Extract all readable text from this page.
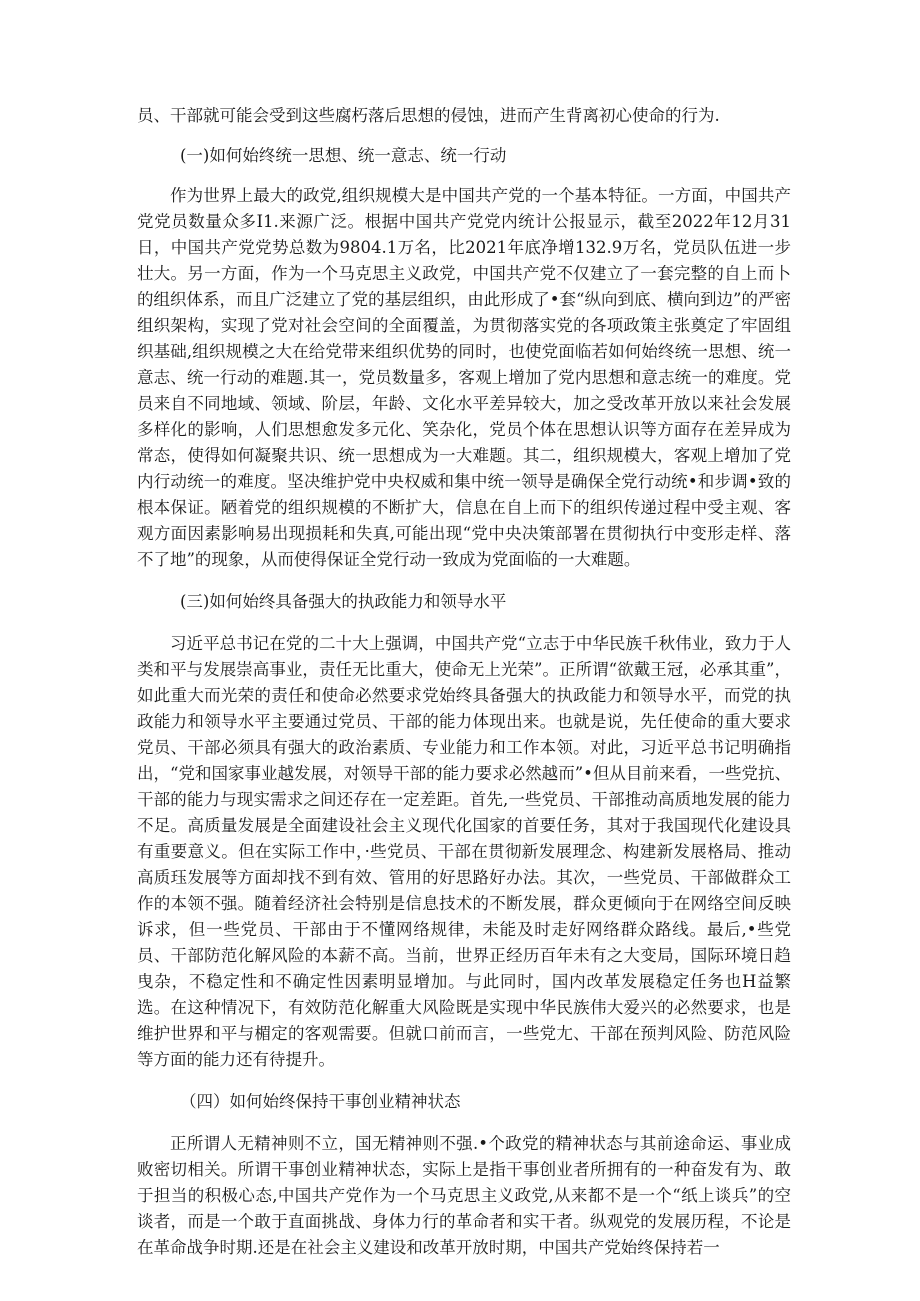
员、干部就可能会受到这些腐朽落后思想的侵蚀，进而产生背离初心使命的行为.

(一)如何始终统一思想、统一意志、统一行动

作为世界上最大的政党,组织规模大是中国共产党的一个基本特征。一方面，中国共产党党员数量众多I1.来源广泛。根据中国共产党党内统计公报显示，截至2022年12月31日，中国共产党党势总数为9804.1万名，比2021年底净增132.9万名，党员队伍进一步壮大。另一方面，作为一个马克思主义政党，中国共产党不仅建立了一套完整的自上而卜的组织体系，而且广泛建立了党的基层组织，由此形成了•套“纵向到底、横向到边”的严密组织架构，实现了党对社会空间的全面覆盖，为贯彻落实党的各项政策主张奠定了牢固组织基础,组织规模之大在给党带来组织优势的同时，也使党面临若如何始终统一思想、统一意志、统一行动的难题.其一，党员数量多，客观上增加了党内思想和意志统一的难度。党员来自不同地域、领域、阶层，年龄、文化水平差异较大，加之受改革开放以来社会发展多样化的影响，人们思想愈发多元化、笑杂化，党员个体在思想认识等方面存在差异成为常态，使得如何凝聚共识、统一思想成为一大难题。其二，组织规模大，客观上增加了党内行动统一的难度。坚决维护党中央权威和集中统一领导是确保全党行动统•和步调•致的根本保证。陋着党的组织规模的不断扩大，信息在自上而下的组织传递过程中受主观、客观方面因素影响易出现损耗和失真,可能出现“党中央决策部署在贯彻执行中变形走样、落不了地”的现象，从而使得保证全党行动一致成为党面临的一大难题。

(三)如何始终具备强大的执政能力和领导水平

习近平总书记在党的二十大上强调，中国共产党“立志于中华民族千秋伟业，致力于人类和平与发展崇高事业，责任无比重大，使命无上光荣”。正所谓“欲戴王冠，必承其重”，如此重大而光荣的责任和使命必然要求党始终具备强大的执政能力和领导水平，而党的执政能力和领导水平主要通过党员、干部的能力体现出来。也就是说，先任使命的重大要求党员、干部必须具有强大的政治素质、专业能力和工作本领。对此，习近平总书记明确指出，“党和国家事业越发展，对领导干部的能力要求必然越而”•但从目前来看，一些党抗、干部的能力与现实需求之间还存在一定差距。首先,一些党员、干部推动高质地发展的能力不足。高质量发展是全面建设社会主义现代化国家的首要任务，其对于我国现代化建设具有重要意义。但在实际工作中，·些党员、干部在贯彻新发展理念、构建新发展格局、推动高质珏发展等方面却找不到有效、管用的好思路好办法。其次，一些党员、干部做群众工作的本领不强。随着经济社会特别是信息技术的不断发展，群众更倾向于在网络空间反映诉求，但一些党员、干部由于不懂网络规律，未能及时走好网络群众路线。最后,•些党员、干部防范化解风险的本薪不高。当前，世界正经历百年未有之大变局，国际环境日趋曳杂，不稳定性和不确定性因素明显增加。与此同时，国内改革发展稳定任务也H益繁选。在这种情况下，有效防范化解重大风险既是实现中华民族伟大爱兴的必然要求，也是维护世界和平与楣定的客观需要。但就口前而言，一些党尢、干部在预判风险、防范风险等方面的能力还有待提升。

（四）如何始终保持干事创业精神状态

正所谓人无精神则不立，国无精神则不强.•个政党的精神状态与其前途命运、事业成败密切相关。所谓干事创业精神状态，实际上是指干事创业者所拥有的一种奋发有为、敢于担当的积极心态,中国共产党作为一个马克思主义政党,从来都不是一个“纸上谈兵”的空谈者，而是一个敢于直面挑战、身体力行的革命者和实干者。纵观党的发展历程，不论是在革命战争时期.还是在社会主义建设和改革开放时期，中国共产党始终保持若一
